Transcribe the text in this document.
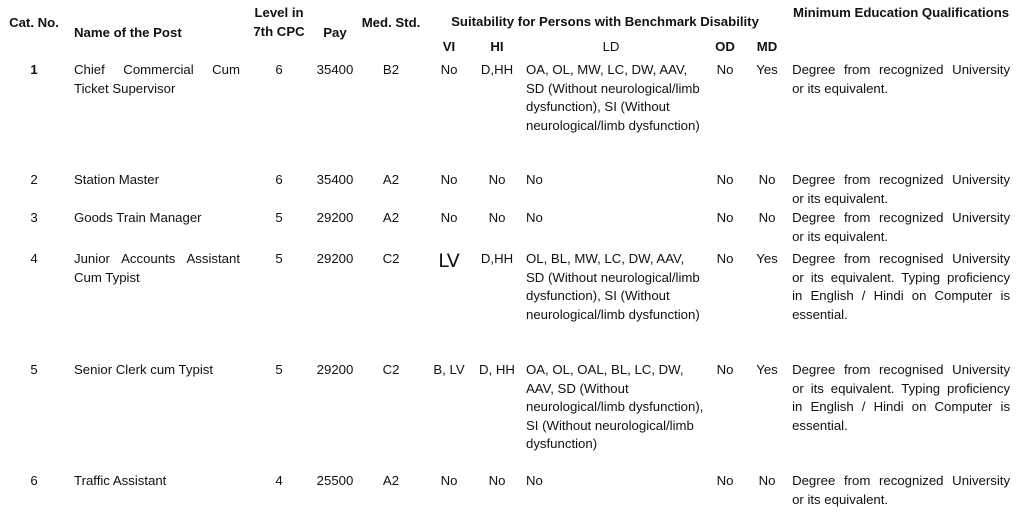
Cat. No.	Name of the Post	Level in 7th CPC	Pay	Med. Std.	Suitability for Persons with Benchmark Disability					Minimum Education Qualifications
					VI	HI	LD	OD	MD	
1	Chief Commercial Cum Ticket Supervisor	6	35400	B2	No	D,HH	OA, OL, MW, LC, DW, AAV, SD (Without neurological/limb dysfunction), SI (Without neurological/limb dysfunction)	No	Yes	Degree from recognized University or its equivalent.
2	Station Master	6	35400	A2	No	No	No	No	No	Degree from recognized University or its equivalent.
3	Goods Train Manager	5	29200	A2	No	No	No	No	No	Degree from recognized University or its equivalent.
4	Junior Accounts Assistant Cum Typist	5	29200	C2	LV	D,HH	OL, BL, MW, LC, DW, AAV, SD (Without neurological/limb dysfunction), SI (Without neurological/limb dysfunction)	No	Yes	Degree from recognised University or its equivalent. Typing proficiency in English / Hindi on Computer is essential.
5	Senior Clerk cum Typist	5	29200	C2	B, LV	D, HH	OA, OL, OAL, BL, LC, DW, AAV, SD (Without neurological/limb dysfunction), SI (Without neurological/limb dysfunction)	No	Yes	Degree from recognised University or its equivalent. Typing proficiency in English / Hindi on Computer is essential.
6	Traffic Assistant	4	25500	A2	No	No	No	No	No	Degree from recognized University or its equivalent.
